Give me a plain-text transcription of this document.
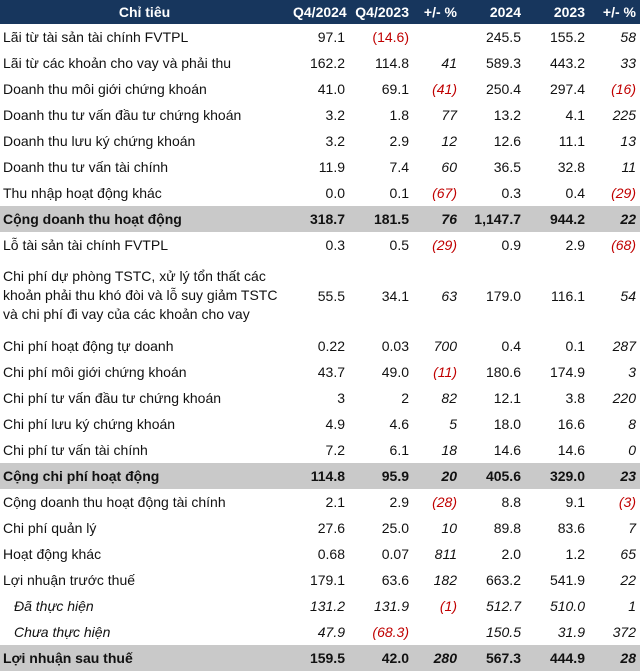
Chỉ tiêu	Q4/2024	Q4/2023	+/- %	2024	2023	+/- %
Lãi từ tài sản tài chính FVTPL	97.1	(14.6)		245.5	155.2	58
Lãi từ các khoản cho vay và phải thu	162.2	114.8	41	589.3	443.2	33
Doanh thu môi giới chứng khoán	41.0	69.1	(41)	250.4	297.4	(16)
Doanh thu tư vấn đầu tư chứng khoán	3.2	1.8	77	13.2	4.1	225
Doanh thu lưu ký chứng khoán	3.2	2.9	12	12.6	11.1	13
Doanh thu tư vấn tài chính	11.9	7.4	60	36.5	32.8	11
Thu nhập hoạt động khác	0.0	0.1	(67)	0.3	0.4	(29)
Cộng doanh thu hoạt động	318.7	181.5	76	1,147.7	944.2	22
Lỗ tài sản tài chính FVTPL	0.3	0.5	(29)	0.9	2.9	(68)
Chi phí dự phòng TSTC, xử lý tổn thất các khoản phải thu khó đòi và lỗ suy giảm TSTC và chi phí đi vay của các khoản cho vay	55.5	34.1	63	179.0	116.1	54
Chi phí hoạt động tự doanh	0.22	0.03	700	0.4	0.1	287
Chi phí môi giới chứng khoán	43.7	49.0	(11)	180.6	174.9	3
Chi phí tư vấn đầu tư chứng khoán	3	2	82	12.1	3.8	220
Chi phí lưu ký chứng khoán	4.9	4.6	5	18.0	16.6	8
Chi phí tư vấn tài chính	7.2	6.1	18	14.6	14.6	0
Cộng chi phí hoạt động	114.8	95.9	20	405.6	329.0	23
Cộng doanh thu hoạt động tài chính	2.1	2.9	(28)	8.8	9.1	(3)
Chi phí quản lý	27.6	25.0	10	89.8	83.6	7
Hoạt động khác	0.68	0.07	811	2.0	1.2	65
Lợi nhuận trước thuế	179.1	63.6	182	663.2	541.9	22
Đã thực hiện	131.2	131.9	(1)	512.7	510.0	1
Chưa thực hiện	47.9	(68.3)		150.5	31.9	372
Lợi nhuận sau thuế	159.5	42.0	280	567.3	444.9	28
